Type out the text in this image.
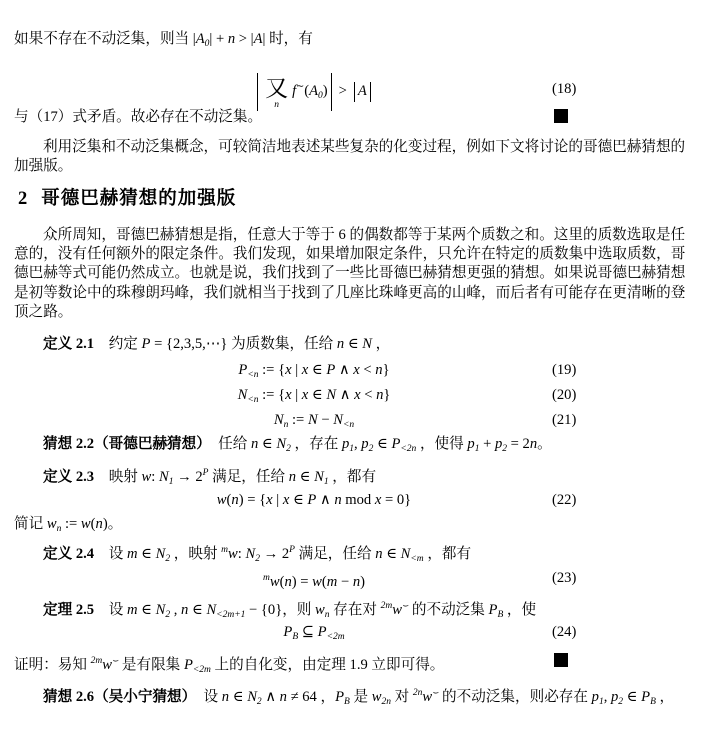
如果不存在不动泛集，则当 $|A_0| + n > |A|$ 时，有
又
n
$f^\sim(A_0) > A$	(18)
与（17）式矛盾。故必存在不动泛集。
利用泛集和不动泛集概念，可较简洁地表述某些复杂的化变过程，例如下文将讨论的哥德巴赫猜想的
加强版。
2 哥德巴赫猜想的加强版
众所周知，哥德巴赫猜想是指，任意大于等于 6 的偶数都等于某两个质数之和。这里的质数选取是任
意的，没有任何额外的限定条件。我们发现，如果增加限定条件，只允许在特定的质数集中选取质数，哥
德巴赫等式可能仍然成立。也就是说，我们找到了一些比哥德巴赫猜想更强的猜想。如果说哥德巴赫猜想
是初等数论中的珠穆朗玛峰，我们就相当于找到了几座比珠峰更高的山峰，而后者有可能存在更清晰的登
顶之路。
定义 2.1　约定 P = {2,3,5,⋯} 为质数集，任给 n ∈ N ，
$P_{<n}$ := {x | x ∈ P ∧ x < n}	(19)
$N_{<n}$ := {x | x ∈ N ∧ x < n}	(20)
$N_n$ := $N - N_{<n}$	(21)
猜想 2.2（哥德巴赫猜想）　任给 n ∈ $N_2$ ，存在 $p_1$, $p_2$ ∈ $P_{<2n}$ ，使得 $p_1 + p_2 = 2n$。
定义 2.3　映射 w: $N_1 \to 2^P$ 满足，任给 n ∈ $N_1$ ，都有
w(n) = {x | x ∈ P ∧ n mod x = 0}	(22)
简记 $w_n$ := w(n)。
定义 2.4　设 m ∈ $N_2$ ，映射 $^m$w: $N_2 \to 2^P$ 满足，任给 n ∈ $N_{<m}$ ，都有
$^m$w(n) = w(m − n)	(23)
定理 2.5　设 m ∈ $N_2$ , n ∈ $N_{<2m+1} - \{0\}$，则 $w_n$ 存在对 $^{2m}$w⌣ 的不动泛集 $P_B$ ，使
$P_B$ ⊆ $P_{<2m}$	(24)
证明：易知 $^{2m}$w⌣ 是有限集 $P_{<2m}$ 上的自化变，由定理 1.9 立即可得。
猜想 2.6（吴小宁猜想）　设 n ∈ $N_2$ ∧ n ≠ 64 ，$P_B$ 是 $w_{2n}$ 对 $^{2n}$w⌣ 的不动泛集，则必存在 $p_1$, $p_2$ ∈ $P_B$ ，
